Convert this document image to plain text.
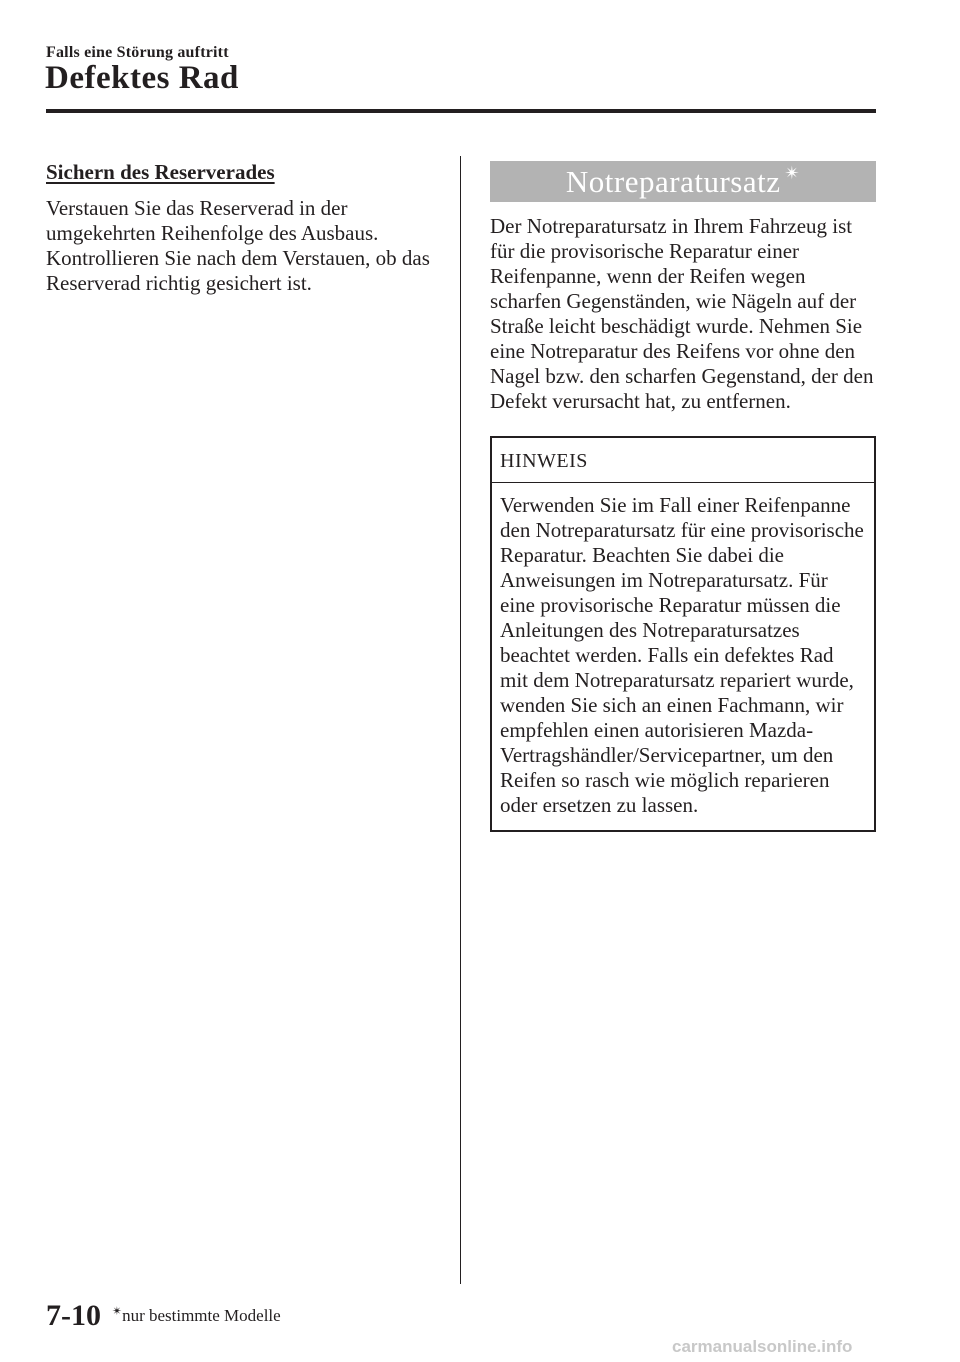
Falls eine Störung auftritt
Defektes Rad
Sichern des Reserverades

Verstauen Sie das Reserverad in der umgekehrten Reihenfolge des Ausbaus. Kontrollieren Sie nach dem Verstauen, ob das Reserverad richtig gesichert ist.

Notreparatursatz ✴
Der Notreparatursatz in Ihrem Fahrzeug ist für die provisorische Reparatur einer Reifenpanne, wenn der Reifen wegen scharfen Gegenständen, wie Nägeln auf der Straße leicht beschädigt wurde. Nehmen Sie eine Notreparatur des Reifens vor ohne den Nagel bzw. den scharfen Gegenstand, der den Defekt verursacht hat, zu entfernen.
HINWEIS
Verwenden Sie im Fall einer Reifenpanne den Notreparatursatz für eine provisorische Reparatur. Beachten Sie dabei die Anweisungen im Notreparatursatz. Für eine provisorische Reparatur müssen die Anleitungen des Notreparatursatzes beachtet werden. Falls ein defektes Rad mit dem Notreparatursatz repariert wurde, wenden Sie sich an einen Fachmann, wir empfehlen einen autorisieren Mazda-Vertragshändler/Servicepartner, um den Reifen so rasch wie möglich reparieren oder ersetzen zu lassen.
7-10 ✴nur bestimmte Modelle
carmanualsonline.info
